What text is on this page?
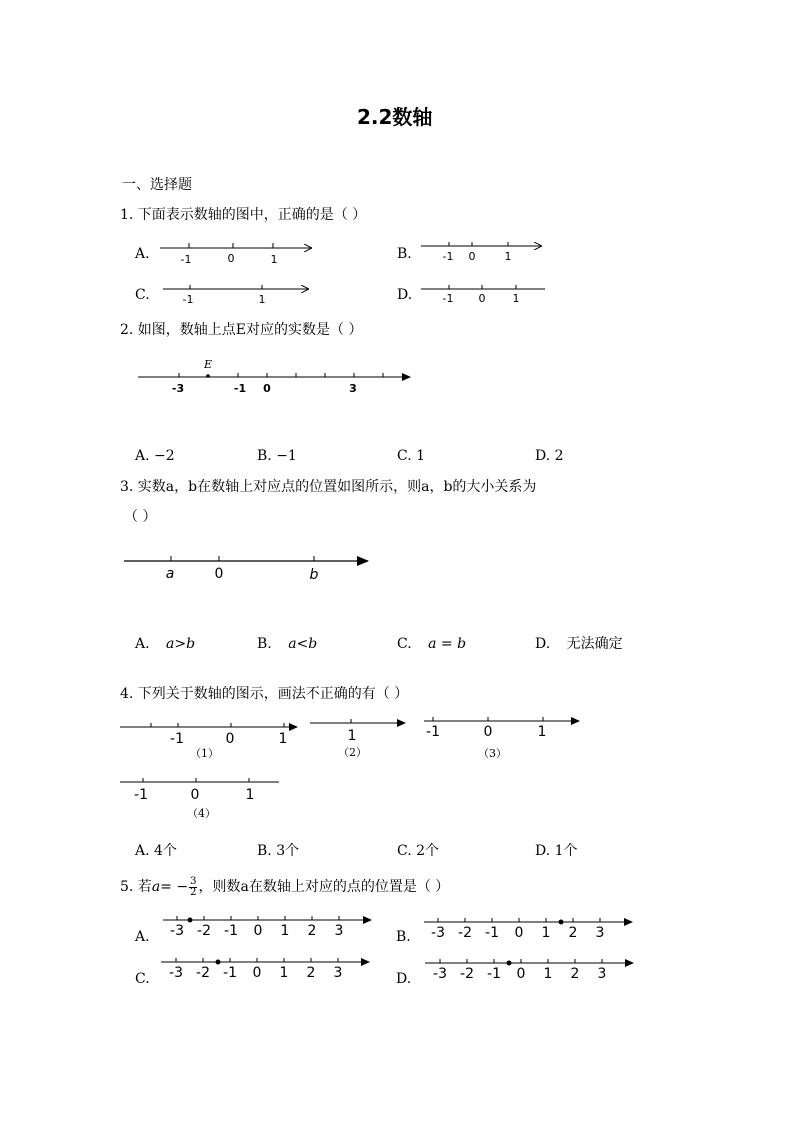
2.2数轴
一、选择题
1. 下面表示数轴的图中，正确的是（ ）
A.	B.
C.	D.
-1	0	1	-1 0	1
-1	1	-1 0 1
E
-3	-1 0	3
a	0	b
-1	0	1	1	-1	0	1
-1	0	1
-3 -2 -1 0 1 2 3	-3 -2 -1 0 1 2 3
-3 -2 -1 0 1 2 3	-3 -2 -1 0 1 2 3
2. 如图，数轴上点E对应的实数是（ ）
A. −2	B. −1	C. 1	D. 2
3. 实数a，b在数轴上对应点的位置如图所示，则a，b的大小关系为
（ ）
A. a>b	B. a<b	C. a = b	D. 无法确定
4. 下列关于数轴的图示，画法不正确的有（ ）
（1）	（2）	（3）
（4）
A. 4个	B. 3个	C. 2个	D. 1个
5. 若$a= - \frac{3}{2}$ ，则数a在数轴上对应的点的位置是（ ）
A.	B.
C.	D.
